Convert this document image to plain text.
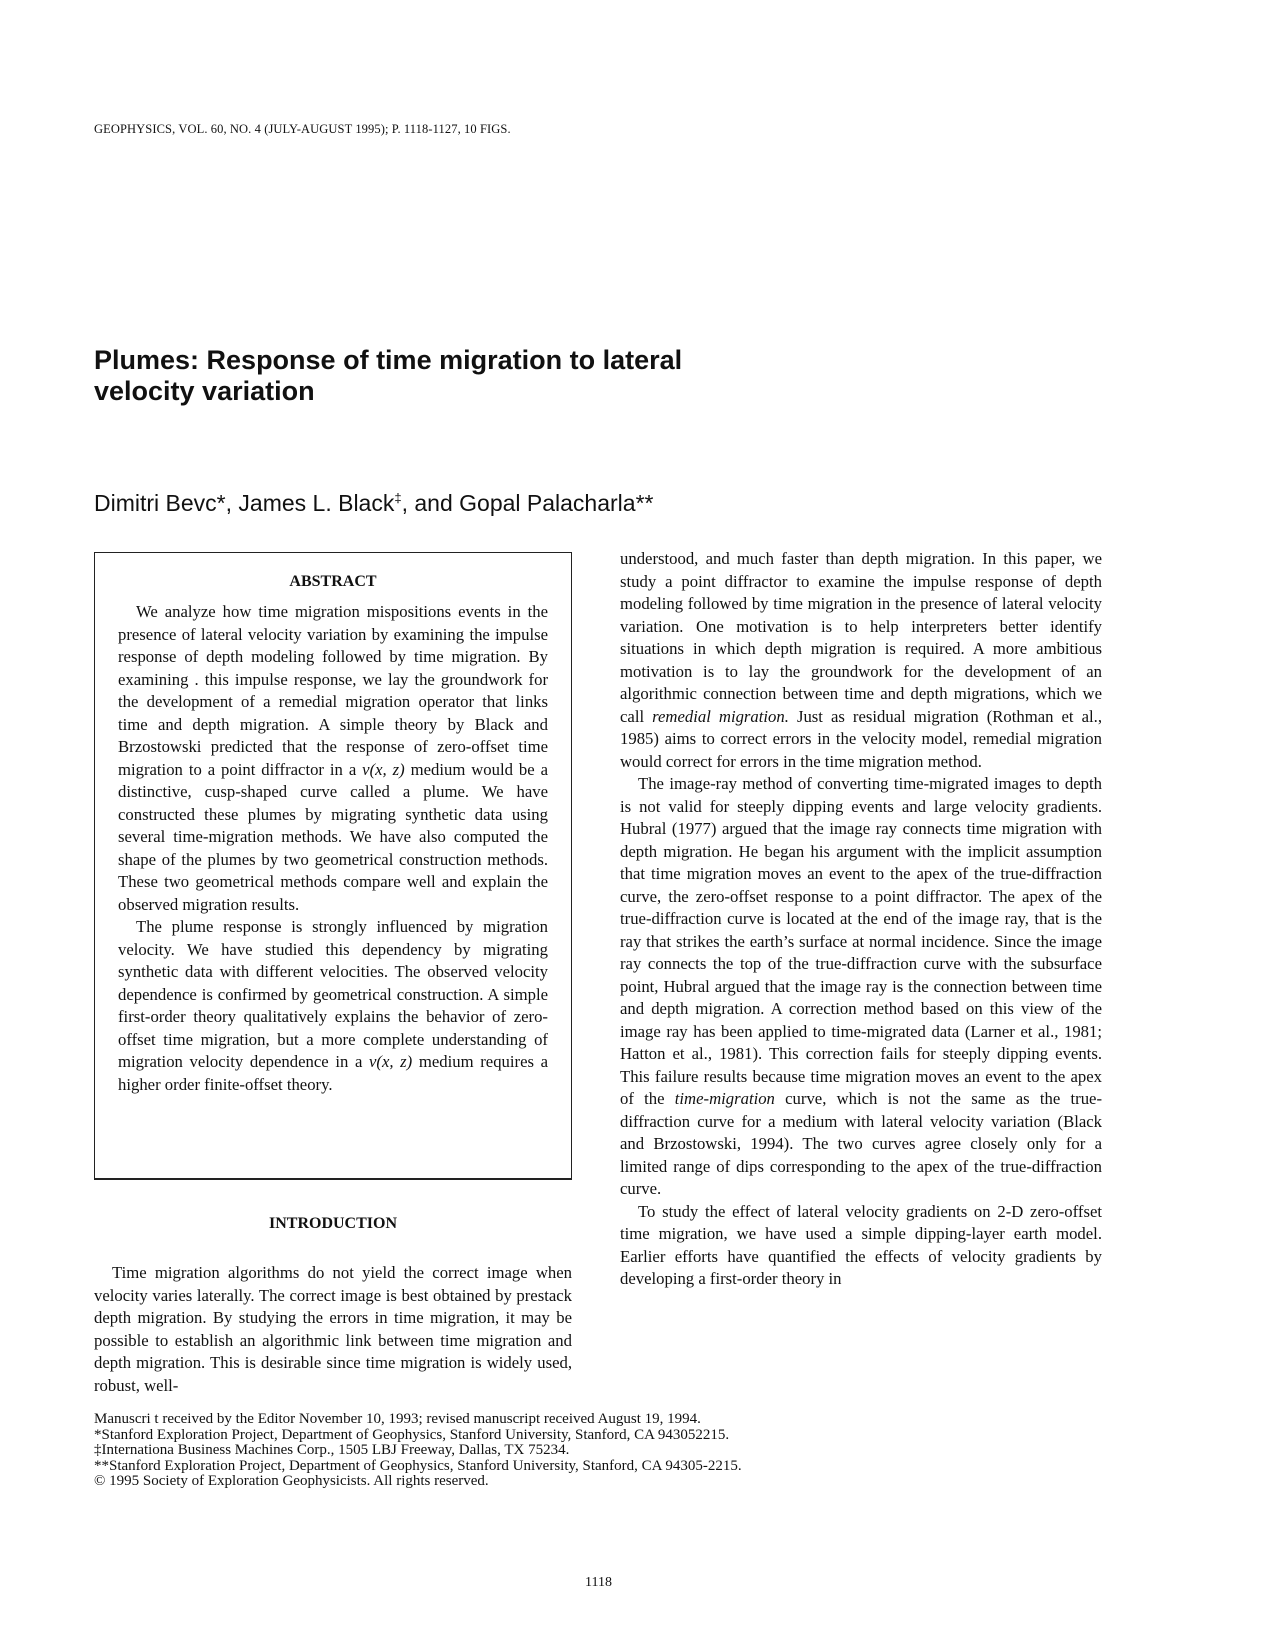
GEOPHYSICS, VOL. 60, NO. 4 (JULY-AUGUST 1995); P. 1118-1127, 10 FIGS.
Plumes: Response of time migration to lateral
velocity variation
Dimitri Bevc*, James L. Black‡, and Gopal Palacharla**
ABSTRACT

We analyze how time migration mispositions events in the presence of lateral velocity variation by examining the impulse response of depth modeling followed by time migration. By examining . this impulse response, we lay the groundwork for the development of a remedial migration operator that links time and depth migration. A simple theory by Black and Brzostowski predicted that the response of zero-offset time migration to a point diffractor in a v(x, z) medium would be a distinctive, cusp-shaped curve called a plume. We have constructed these plumes by migrating synthetic data using several time-migration methods. We have also computed the shape of the plumes by two geometrical construction methods. These two geometrical methods compare well and explain the observed migration results.

The plume response is strongly influenced by migration velocity. We have studied this dependency by migrating synthetic data with different velocities. The observed velocity dependence is confirmed by geometrical construction. A simple first-order theory qualitatively explains the behavior of zero-offset time migration, but a more complete understanding of migration velocity dependence in a v(x, z) medium requires a higher order finite-offset theory.

INTRODUCTION

Time migration algorithms do not yield the correct image when velocity varies laterally. The correct image is best obtained by prestack depth migration. By studying the errors in time migration, it may be possible to establish an algorithmic link between time migration and depth migration. This is desirable since time migration is widely used, robust, well-

understood, and much faster than depth migration. In this paper, we study a point diffractor to examine the impulse response of depth modeling followed by time migration in the presence of lateral velocity variation. One motivation is to help interpreters better identify situations in which depth migration is required. A more ambitious motivation is to lay the groundwork for the development of an algorithmic connection between time and depth migrations, which we call remedial migration. Just as residual migration (Rothman et al., 1985) aims to correct errors in the velocity model, remedial migration would correct for errors in the time migration method.

The image-ray method of converting time-migrated images to depth is not valid for steeply dipping events and large velocity gradients. Hubral (1977) argued that the image ray connects time migration with depth migration. He began his argument with the implicit assumption that time migration moves an event to the apex of the true-diffraction curve, the zero-offset response to a point diffractor. The apex of the true-diffraction curve is located at the end of the image ray, that is the ray that strikes the earth’s surface at normal incidence. Since the image ray connects the top of the true-diffraction curve with the subsurface point, Hubral argued that the image ray is the connection between time and depth migration. A correction method based on this view of the image ray has been applied to time-migrated data (Larner et al., 1981; Hatton et al., 1981). This correction fails for steeply dipping events. This failure results because time migration moves an event to the apex of the time-migration curve, which is not the same as the true-diffraction curve for a medium with lateral velocity variation (Black and Brzostowski, 1994). The two curves agree closely only for a limited range of dips corresponding to the apex of the true-diffraction curve.

To study the effect of lateral velocity gradients on 2-D zero-offset time migration, we have used a simple dipping-layer earth model. Earlier efforts have quantified the effects of velocity gradients by developing a first-order theory in

Manuscri t received by the Editor November 10, 1993; revised manuscript received August 19, 1994.
*Stanford Exploration Project, Department of Geophysics, Stanford University, Stanford, CA 943052215.
‡Internationa Business Machines Corp., 1505 LBJ Freeway, Dallas, TX 75234.
**Stanford Exploration Project, Department of Geophysics, Stanford University, Stanford, CA 94305-2215.
© 1995 Society of Exploration Geophysicists. All rights reserved.
1118
